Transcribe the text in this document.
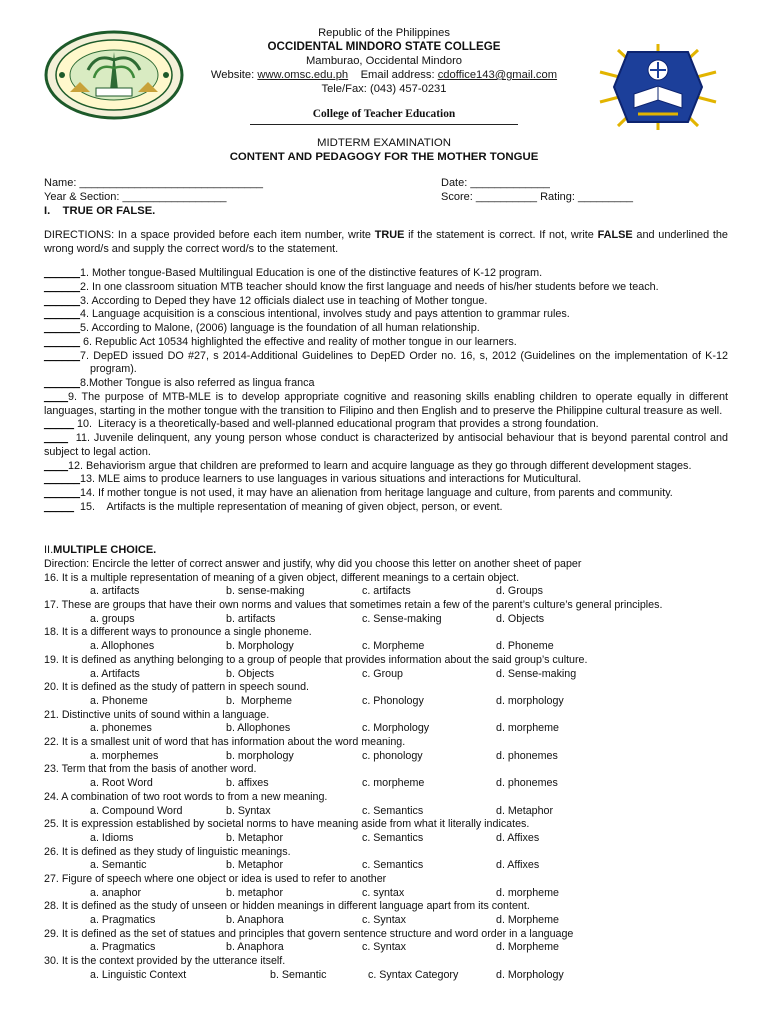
Republic of the Philippines
OCCIDENTAL MINDORO STATE COLLEGE
Mamburao, Occidental Mindoro
Website: www.omsc.edu.ph Email address: cdoffice143@gmail.com
Tele/Fax: (043) 457-0231
College of Teacher Education
MIDTERM EXAMINATION
CONTENT AND PEDAGOGY FOR THE MOTHER TONGUE
Name: ______________________________	Date: _____________
Year & Section: _________________	Score: __________ Rating: _________
I.    TRUE OR FALSE.
DIRECTIONS: In a space provided before each item number, write TRUE if the statement is correct. If not, write FALSE and underlined the wrong word/s and supply the correct word/s to the statement.

______1. Mother tongue-Based Multilingual Education is one of the distinctive features of K-12 program.

______2. In one classroom situation MTB teacher should know the first language and needs of his/her students before we teach.

______3. According to Deped they have 12 officials dialect use in teaching of Mother tongue.

______4. Language acquisition is a conscious intentional, involves study and pays attention to grammar rules.

______5. According to Malone, (2006) language is the foundation of all human relationship.

______ 6. Republic Act 10534 highlighted the effective and reality of mother tongue in our learners.

______7. DepED issued DO #27, s 2014-Additional Guidelines to DepED Order no. 16, s, 2012 (Guidelines on the implementation of K-12 program).

______8.Mother Tongue is also referred as lingua franca

____9. The purpose of MTB-MLE is to develop appropriate cognitive and reasoning skills enabling children to operate equally in different languages, starting in the mother tongue with the transition to Filipino and then English and to preserve the Philippine cultural treasure as well.

_____ 10.  Literacy is a theoretically-based and well-planned educational program that provides a strong foundation.

____  11. Juvenile delinquent, any young person whose conduct is characterized by antisocial behaviour that is beyond parental control and subject to legal action.

____12. Behaviorism argue that children are preformed to learn and acquire language as they go through different development stages.

______13. MLE aims to produce learners to use languages in various situations and interactions for Muticultural.

______14. If mother tongue is not used, it may have an alienation from heritage language and culture, from parents and community.

_____  15.    Artifacts is the multiple representation of meaning of given object, person, or event.

II.MULTIPLE CHOICE.

Direction: Encircle the letter of correct answer and justify, why did you choose this letter on another sheet of paper

16. It is a multiple representation of meaning of a given object, different meanings to a certain object.

a. artifacts	b. sense-making	c. artifacts	d. Groups

17. These are groups that have their own norms and values that sometimes retain a few of the parent’s culture’s general principles.

a. groups	b. artifacts	c. Sense-making	d. Objects

18. It is a different ways to pronounce a single phoneme.

a. Allophones	b. Morphology	c. Morpheme	d. Phoneme

19. It is defined as anything belonging to a group of people that provides information about the said group’s culture.

a. Artifacts	b. Objects	c. Group	d. Sense-making

20. It is defined as the study of pattern in speech sound.

a. Phoneme	b.  Morpheme	c. Phonology	d. morphology

21. Distinctive units of sound within a language.

a. phonemes	b. Allophones	c. Morphology	d. morpheme

22. It is a smallest unit of word that has information about the word meaning.

a. morphemes	b. morphology	c. phonology	d. phonemes

23. Term that from the basis of another word.

a. Root Word	b. affixes	c. morpheme	d. phonemes

24. A combination of two root words to from a new meaning.

a. Compound Word	b. Syntax	c. Semantics	d. Metaphor

25. It is expression established by societal norms to have meaning aside from what it literally indicates.

a. Idioms	b. Metaphor	c. Semantics	d. Affixes

26. It is defined as they study of linguistic meanings.

a. Semantic	b. Metaphor	c. Semantics	d. Affixes

27. Figure of speech where one object or idea is used to refer to another

a. anaphor	b. metaphor	c. syntax	d. morpheme

28. It is defined as the study of unseen or hidden meanings in different language apart from its content.

a. Pragmatics	b. Anaphora	c. Syntax	d. Morpheme

29. It is defined as the set of statues and principles that govern sentence structure and word order in a language

a. Pragmatics	b. Anaphora	c. Syntax	d. Morpheme

30. It is the context provided by the utterance itself.

a. Linguistic Context	b. Semantic	c. Syntax Category	d. Morphology
